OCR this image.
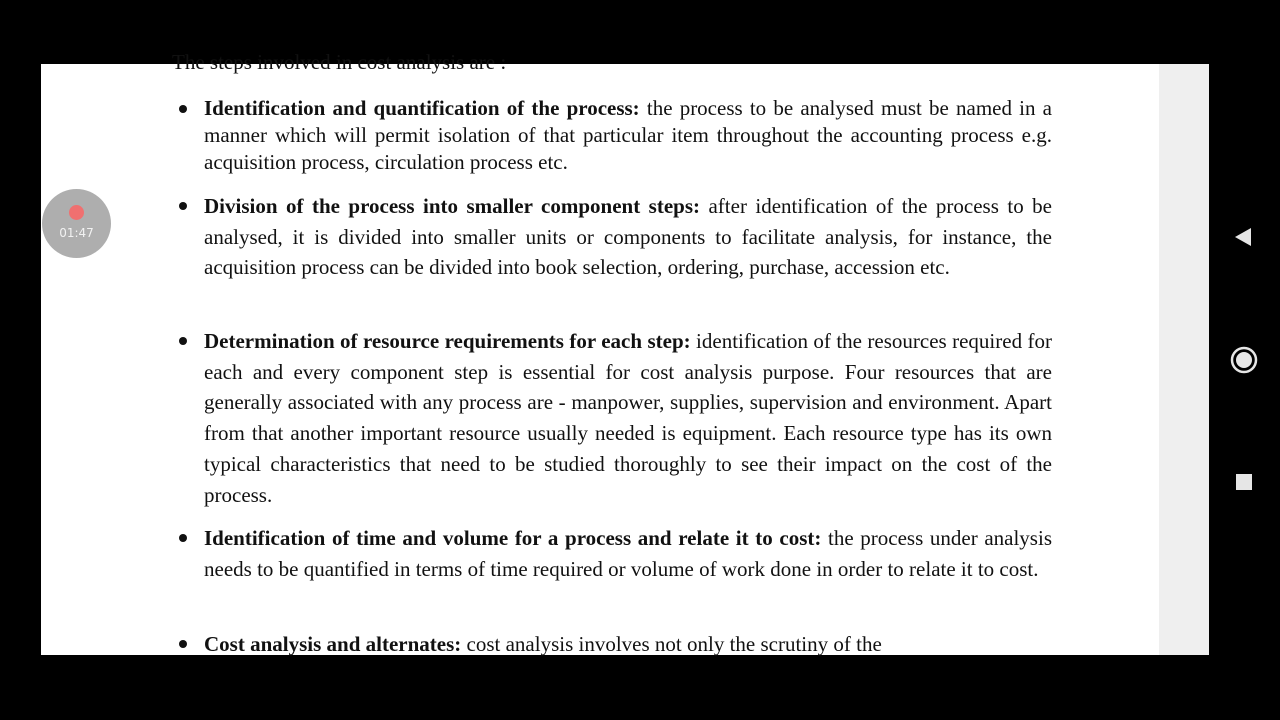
The steps involved in cost analysis are :

Identification and quantification of the process: the process to be analysed must be named in a manner which will permit isolation of that particular item throughout the accounting process e.g. acquisition process, circulation process etc.
Division of the process into smaller component steps: after identification of the process to be analysed, it is divided into smaller units or components to facilitate analysis, for instance, the acquisition process can be divided into book selection, ordering, purchase, accession etc.
Determination of resource requirements for each step: identification of the resources required for each and every component step is essential for cost analysis purpose. Four resources that are generally associated with any process are - manpower, supplies, supervision and environment. Apart from that another important resource usually needed is equipment. Each resource type has its own typical characteristics that need to be studied thoroughly to see their impact on the cost of the process.
Identification of time and volume for a process and relate it to cost: the process under analysis needs to be quantified in terms of time required or volume of work done in order to relate it to cost.
Cost analysis and alternates: cost analysis involves not only the scrutiny of the
01:47
